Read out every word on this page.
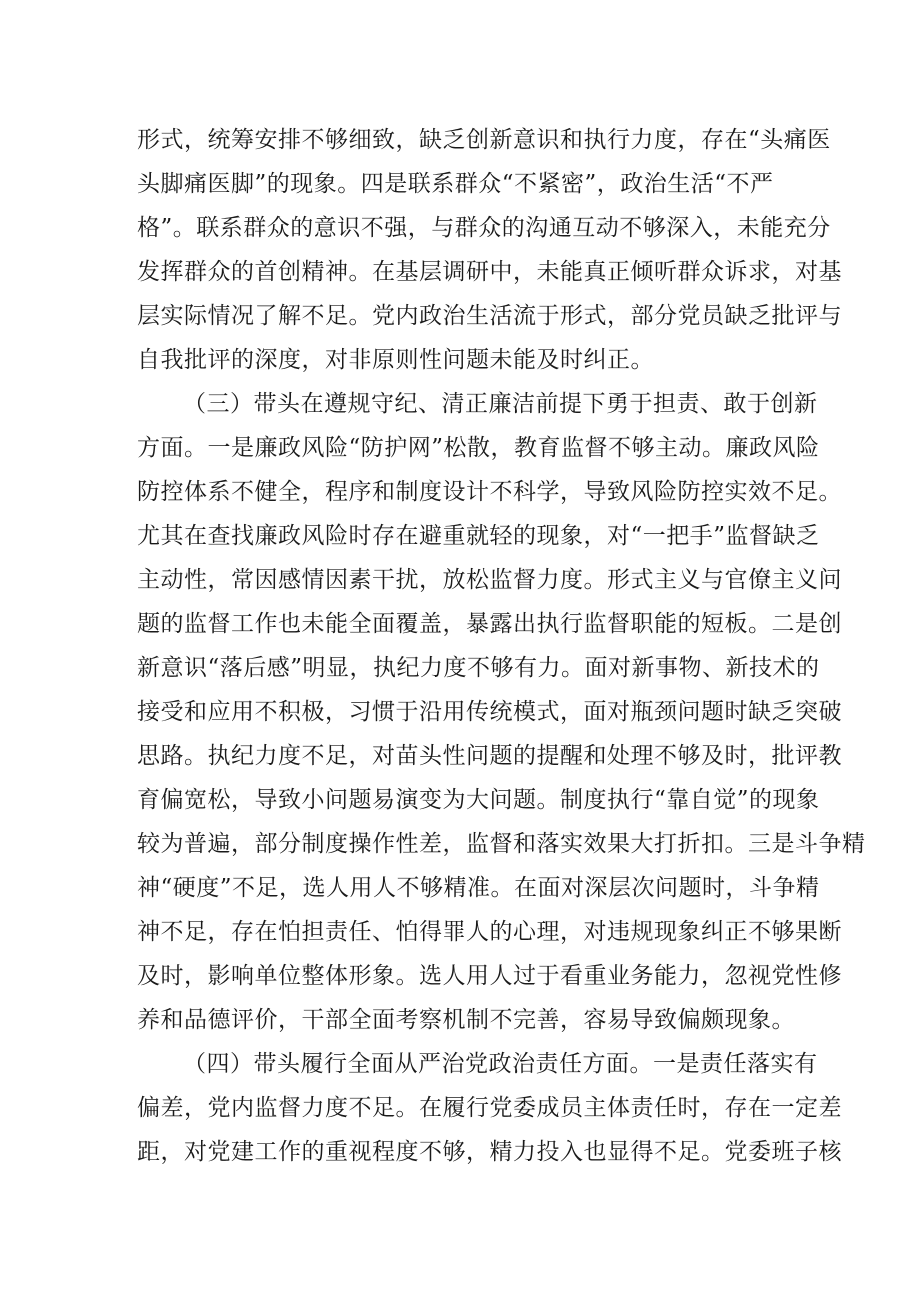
形式，统筹安排不够细致，缺乏创新意识和执行力度，存在“头痛医
头脚痛医脚”的现象。四是联系群众“不紧密”，政治生活“不严
格”。联系群众的意识不强，与群众的沟通互动不够深入，未能充分
发挥群众的首创精神。在基层调研中，未能真正倾听群众诉求，对基
层实际情况了解不足。党内政治生活流于形式，部分党员缺乏批评与
自我批评的深度，对非原则性问题未能及时纠正。
（三）带头在遵规守纪、清正廉洁前提下勇于担责、敢于创新
方面。一是廉政风险“防护网”松散，教育监督不够主动。廉政风险
防控体系不健全，程序和制度设计不科学，导致风险防控实效不足。
尤其在查找廉政风险时存在避重就轻的现象，对“一把手”监督缺乏
主动性，常因感情因素干扰，放松监督力度。形式主义与官僚主义问
题的监督工作也未能全面覆盖，暴露出执行监督职能的短板。二是创
新意识“落后感”明显，执纪力度不够有力。面对新事物、新技术的
接受和应用不积极，习惯于沿用传统模式，面对瓶颈问题时缺乏突破
思路。执纪力度不足，对苗头性问题的提醒和处理不够及时，批评教
育偏宽松，导致小问题易演变为大问题。制度执行“靠自觉”的现象
较为普遍，部分制度操作性差，监督和落实效果大打折扣。三是斗争精
神“硬度”不足，选人用人不够精准。在面对深层次问题时，斗争精
神不足，存在怕担责任、怕得罪人的心理，对违规现象纠正不够果断
及时，影响单位整体形象。选人用人过于看重业务能力，忽视党性修
养和品德评价，干部全面考察机制不完善，容易导致偏颇现象。
（四）带头履行全面从严治党政治责任方面。一是责任落实有
偏差，党内监督力度不足。在履行党委成员主体责任时，存在一定差
距，对党建工作的重视程度不够，精力投入也显得不足。党委班子核
